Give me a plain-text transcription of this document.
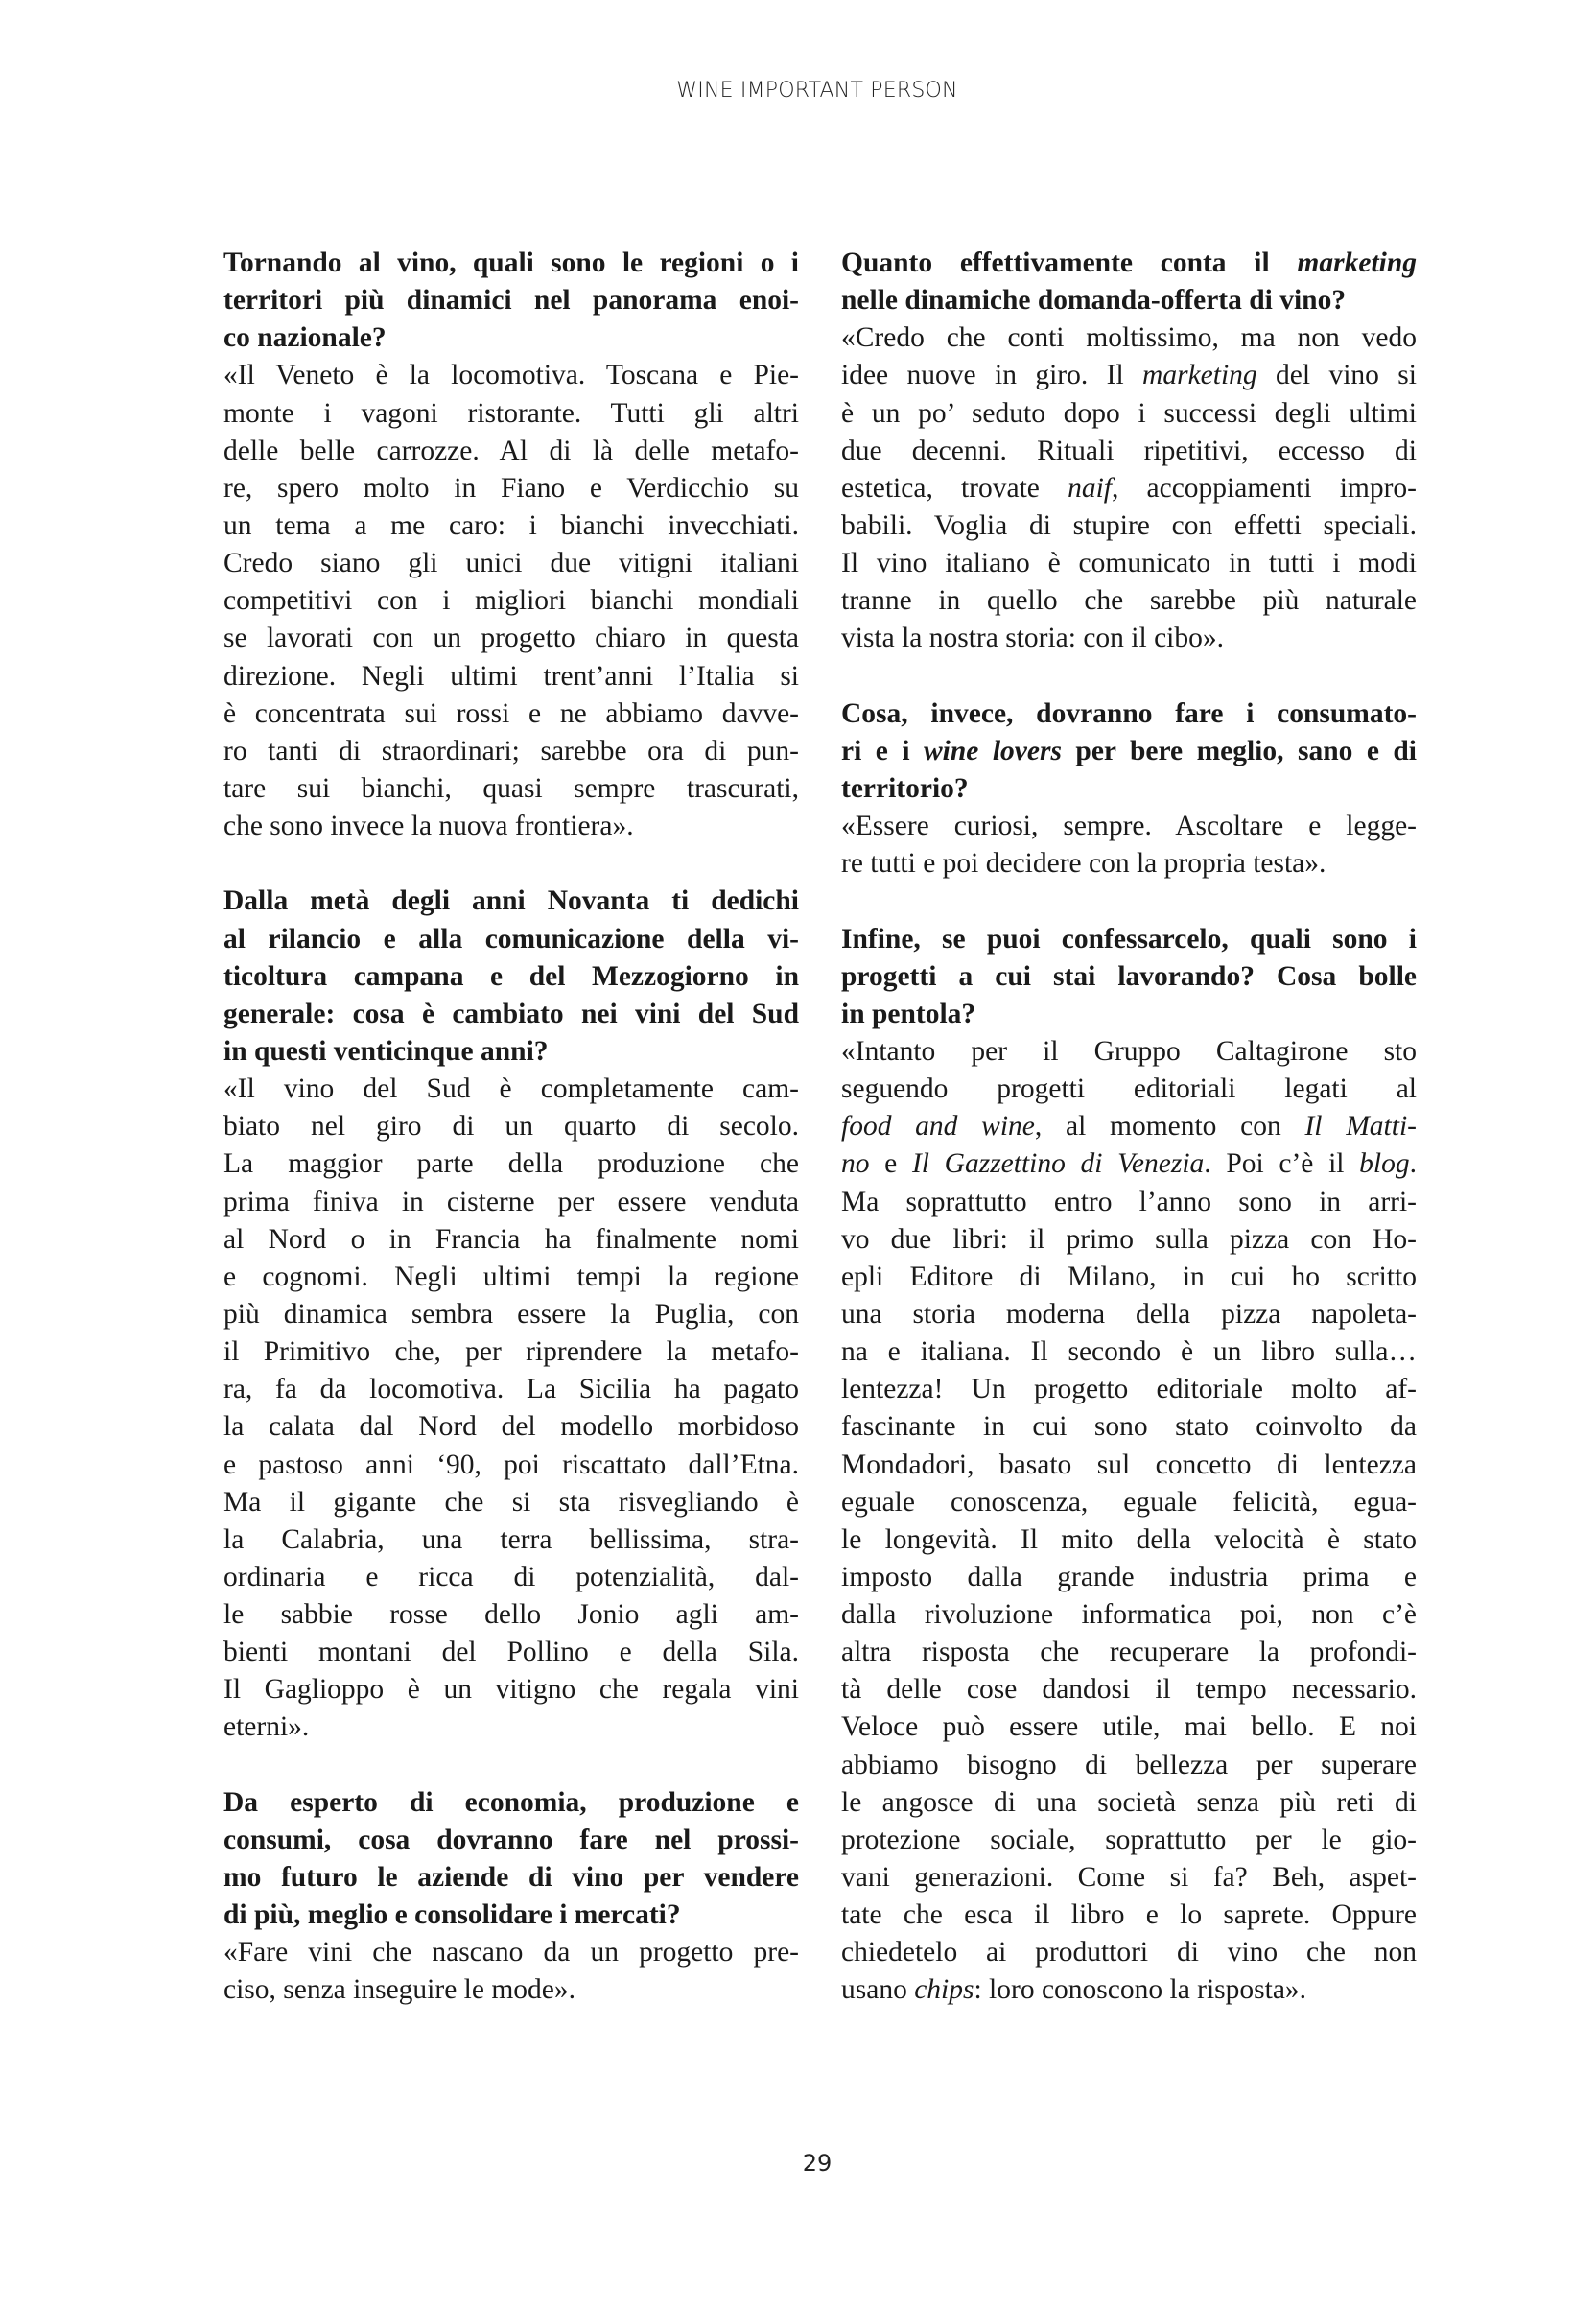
WINE IMPORTANT PERSON
Tornando al vino, quali sono le regioni o i
territori più dinamici nel panorama enoi-
co nazionale?
«Il Veneto è la locomotiva. Toscana e Pie-
monte i vagoni ristorante. Tutti gli altri
delle belle carrozze. Al di là delle metafo-
re, spero molto in Fiano e Verdicchio su
un tema a me caro: i bianchi invecchiati.
Credo siano gli unici due vitigni italiani
competitivi con i migliori bianchi mondiali
se lavorati con un progetto chiaro in questa
direzione. Negli ultimi trent’anni l’Italia si
è concentrata sui rossi e ne abbiamo davve-
ro tanti di straordinari; sarebbe ora di pun-
tare sui bianchi, quasi sempre trascurati,
che sono invece la nuova frontiera».
Dalla metà degli anni Novanta ti dedichi
al rilancio e alla comunicazione della vi-
ticoltura campana e del Mezzogiorno in
generale: cosa è cambiato nei vini del Sud
in questi venticinque anni?
«Il vino del Sud è completamente cam-
biato nel giro di un quarto di secolo.
La maggior parte della produzione che
prima finiva in cisterne per essere venduta
al Nord o in Francia ha finalmente nomi
e cognomi. Negli ultimi tempi la regione
più dinamica sembra essere la Puglia, con
il Primitivo che, per riprendere la metafo-
ra, fa da locomotiva. La Sicilia ha pagato
la calata dal Nord del modello morbidoso
e pastoso anni ‘90, poi riscattato dall’Etna.
Ma il gigante che si sta risvegliando è
la Calabria, una terra bellissima, stra-
ordinaria e ricca di potenzialità, dal-
le sabbie rosse dello Jonio agli am-
bienti montani del Pollino e della Sila.
Il Gaglioppo è un vitigno che regala vini
eterni».
Da esperto di economia, produzione e
consumi, cosa dovranno fare nel prossi-
mo futuro le aziende di vino per vendere
di più, meglio e consolidare i mercati?
«Fare vini che nascano da un progetto pre-
ciso, senza inseguire le mode».
Quanto effettivamente conta il marketing
nelle dinamiche domanda-offerta di vino?
«Credo che conti moltissimo, ma non vedo
idee nuove in giro. Il marketing del vino si
è un po’ seduto dopo i successi degli ultimi
due decenni. Rituali ripetitivi, eccesso di
estetica, trovate naif, accoppiamenti impro-
babili. Voglia di stupire con effetti speciali.
Il vino italiano è comunicato in tutti i modi
tranne in quello che sarebbe più naturale
vista la nostra storia: con il cibo».
Cosa, invece, dovranno fare i consumato-
ri e i wine lovers per bere meglio, sano e di
territorio?
«Essere curiosi, sempre. Ascoltare e legge-
re tutti e poi decidere con la propria testa».
Infine, se puoi confessarcelo, quali sono i
progetti a cui stai lavorando? Cosa bolle
in pentola?
«Intanto per il Gruppo Caltagirone sto
seguendo progetti editoriali legati al
food and wine, al momento con Il Matti-
no e Il Gazzettino di Venezia. Poi c’è il blog.
Ma soprattutto entro l’anno sono in arri-
vo due libri: il primo sulla pizza con Ho-
epli Editore di Milano, in cui ho scritto
una storia moderna della pizza napoleta-
na e italiana. Il secondo è un libro sulla…
lentezza! Un progetto editoriale molto af-
fascinante in cui sono stato coinvolto da
Mondadori, basato sul concetto di lentezza
eguale conoscenza, eguale felicità, egua-
le longevità. Il mito della velocità è stato
imposto dalla grande industria prima e
dalla rivoluzione informatica poi, non c’è
altra risposta che recuperare la profondi-
tà delle cose dandosi il tempo necessario.
Veloce può essere utile, mai bello. E noi
abbiamo bisogno di bellezza per superare
le angosce di una società senza più reti di
protezione sociale, soprattutto per le gio-
vani generazioni. Come si fa? Beh, aspet-
tate che esca il libro e lo saprete. Oppure
chiedetelo ai produttori di vino che non
usano chips: loro conoscono la risposta».
29
